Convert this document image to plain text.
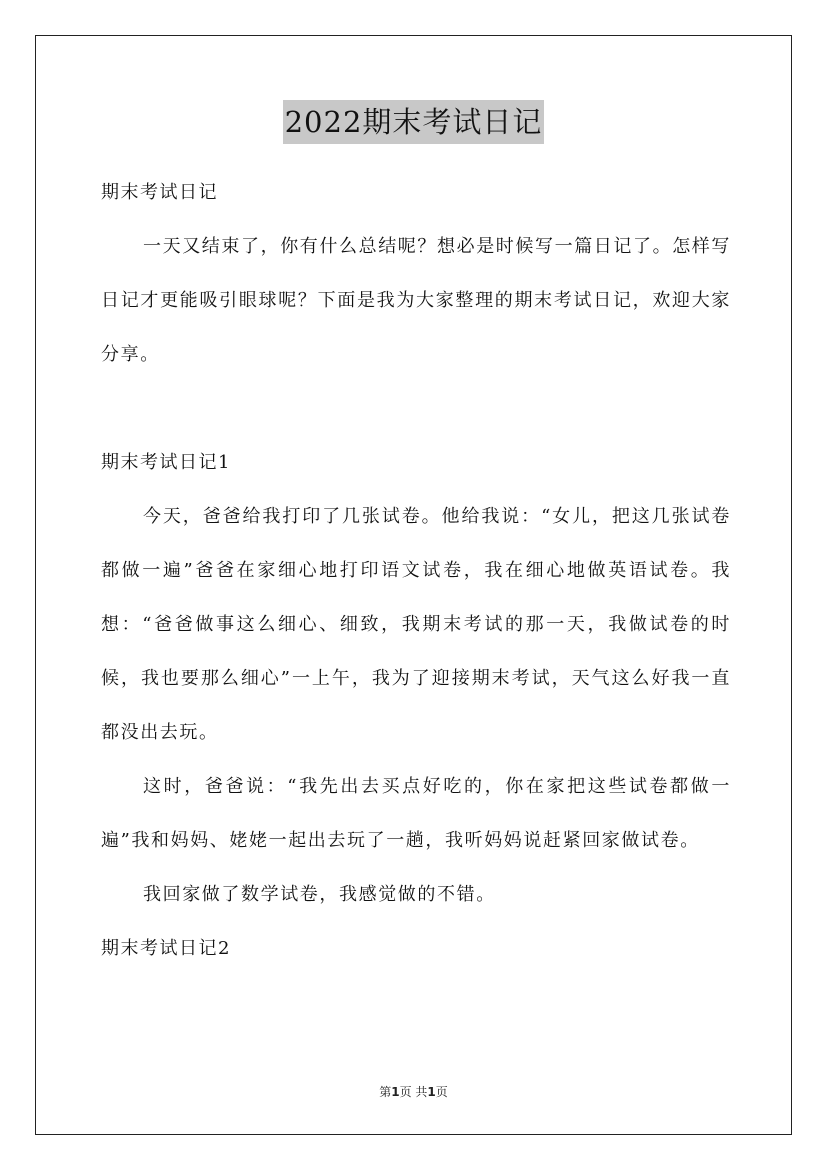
2022期末考试日记

期末考试日记

一天又结束了，你有什么总结呢？想必是时候写一篇日记了。怎样写日记才更能吸引眼球呢？下面是我为大家整理的期末考试日记，欢迎大家分享。

期末考试日记1

今天，爸爸给我打印了几张试卷。他给我说：“女儿，把这几张试卷都做一遍”爸爸在家细心地打印语文试卷，我在细心地做英语试卷。我想：“爸爸做事这么细心、细致，我期末考试的那一天，我做试卷的时候，我也要那么细心”一上午，我为了迎接期末考试，天气这么好我一直都没出去玩。

这时，爸爸说：“我先出去买点好吃的，你在家把这些试卷都做一遍”我和妈妈、姥姥一起出去玩了一趟，我听妈妈说赶紧回家做试卷。

我回家做了数学试卷，我感觉做的不错。

期末考试日记2

第1页 共1页
